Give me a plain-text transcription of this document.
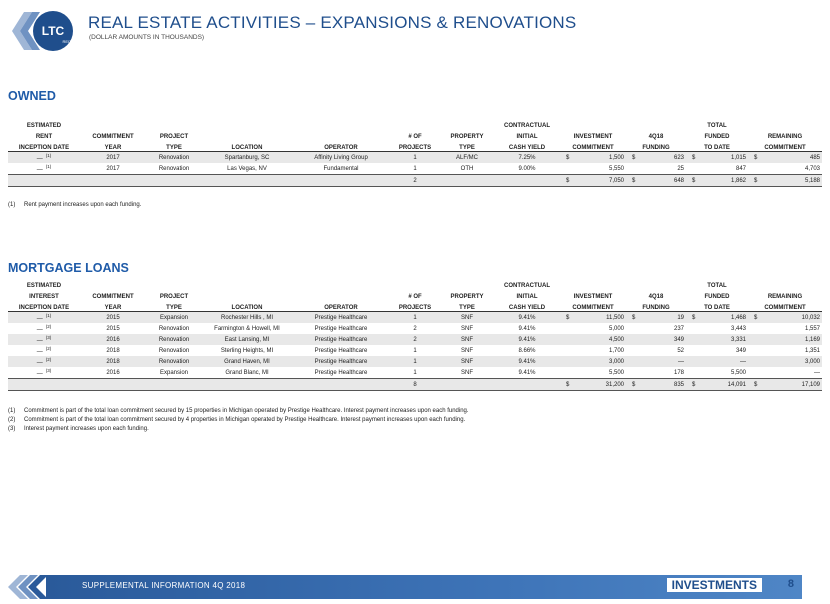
LTC
REIT
REAL ESTATE ACTIVITIES – EXPANSIONS & RENOVATIONS
(DOLLAR AMOUNTS IN THOUSANDS)
OWNED
ESTIMATED							CONTRACTUAL			TOTAL	
RENT	COMMITMENT	PROJECT			# OF	PROPERTY	INITIAL	INVESTMENT	4Q18	FUNDED	REMAINING
INCEPTION DATE	YEAR	TYPE	LOCATION	OPERATOR	PROJECTS	TYPE	CASH YIELD	COMMITMENT	FUNDING	TO DATE	COMMITMENT
—$^{(1)}$	2017	Renovation	Spartanburg, SC	Affinity Living Group	1	ALF/MC	7.25%	$ 1,500	$ 623	$ 1,015	$ 485
—$^{(1)}$	2017	Renovation	Las Vegas, NV	Fundamental	1	OTH	9.00%	5,550	25	847	4,703
					2			$ 7,050	$ 648	$ 1,862	$ 5,188
(1) Rent payment increases upon each funding.
MORTGAGE LOANS
ESTIMATED							CONTRACTUAL			TOTAL	
INTEREST	COMMITMENT	PROJECT			# OF	PROPERTY	INITIAL	INVESTMENT	4Q18	FUNDED	REMAINING
INCEPTION DATE	YEAR	TYPE	LOCATION	OPERATOR	PROJECTS	TYPE	CASH YIELD	COMMITMENT	FUNDING	TO DATE	COMMITMENT
—$^{(1)}$	2015	Expansion	Rochester Hills , MI	Prestige Healthcare	1	SNF	9.41%	$ 11,500	$ 19	$ 1,468	$ 10,032
—$^{(2)}$	2015	Renovation	Farmington & Howell, MI	Prestige Healthcare	2	SNF	9.41%	5,000	237	3,443	1,557
—$^{(3)}$	2016	Renovation	East Lansing, MI	Prestige Healthcare	2	SNF	9.41%	4,500	349	3,331	1,169
—$^{(2)}$	2018	Renovation	Sterling Heights, MI	Prestige Healthcare	1	SNF	8.66%	1,700	52	349	1,351
—$^{(2)}$	2018	Renovation	Grand Haven, MI	Prestige Healthcare	1	SNF	9.41%	3,000	—	—	3,000
—$^{(3)}$	2016	Expansion	Grand Blanc, MI	Prestige Healthcare	1	SNF	9.41%	5,500	178	5,500	—
					8			$ 31,200	$ 835	$ 14,091	$ 17,109
(1) Commitment is part of the total loan commitment secured by 15 properties in Michigan operated by Prestige Healthcare. Interest payment increases upon each funding.
(2) Commitment is part of the total loan commitment secured by 4 properties in Michigan operated by Prestige Healthcare. Interest payment increases upon each funding.
(3) Interest payment increases upon each funding.
SUPPLEMENTAL INFORMATION 4Q 2018	INVESTMENTS	8
